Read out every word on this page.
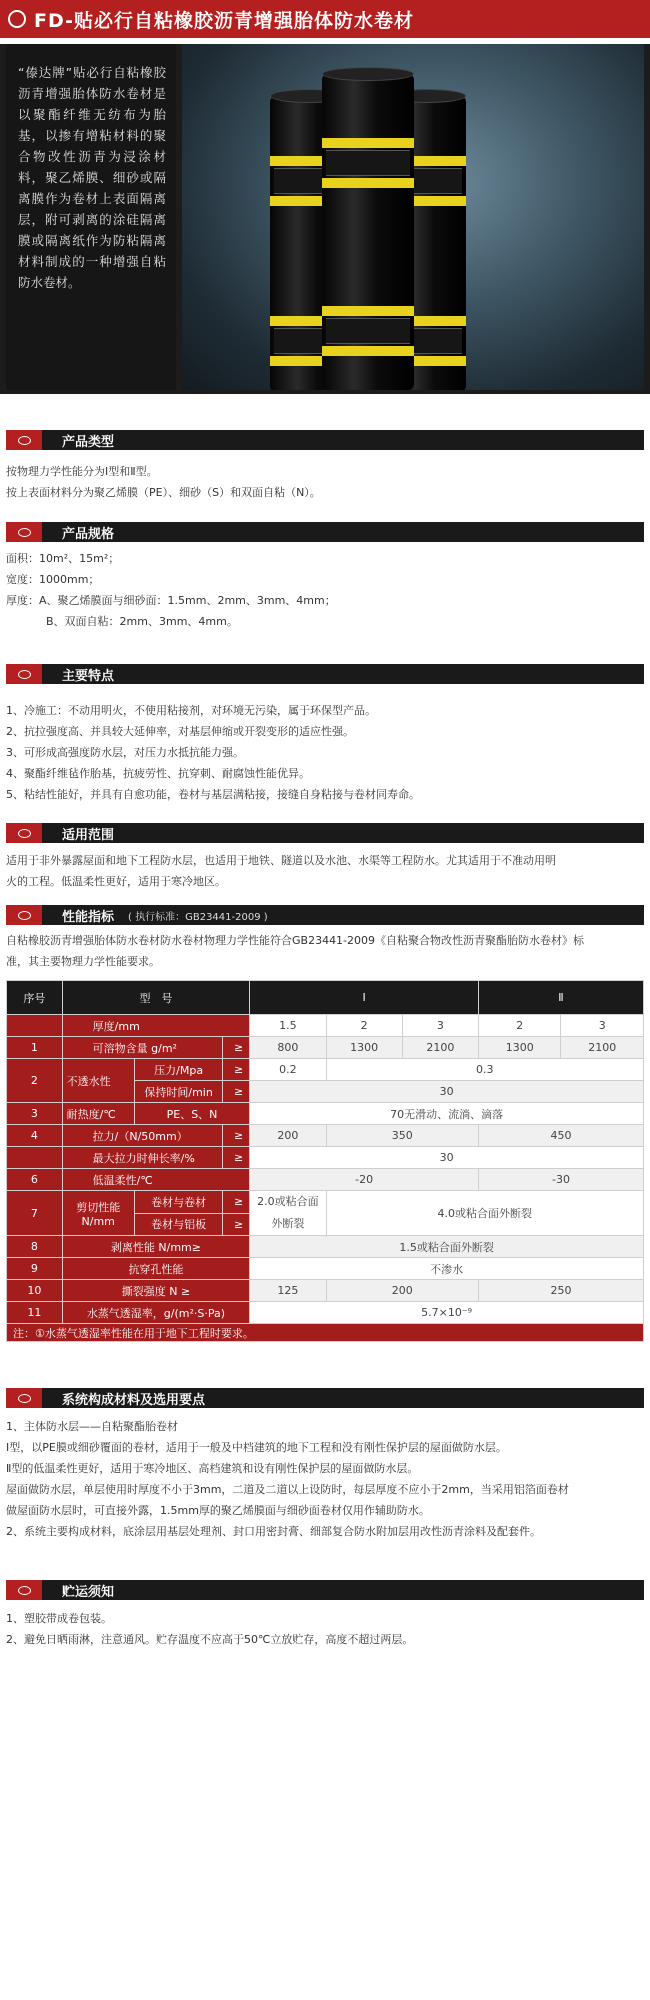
FD-贴必行自粘橡胶沥青增强胎体防水卷材
“傣达牌”贴必行自粘橡胶沥青增强胎体防水卷材是以聚酯纤维无纺布为胎基，以掺有增粘材料的聚合物改性沥青为浸涂材料，聚乙烯膜、细砂或隔离膜作为卷材上表面隔离层，附可剥离的涂硅隔离膜或隔离纸作为防粘隔离材料制成的一种增强自粘防水卷材。
产品类型
按物理力学性能分为Ⅰ型和Ⅱ型。
按上表面材料分为聚乙烯膜（PE）、细砂（S）和双面自粘（N）。
产品规格
面积：10m²、15m²；
宽度：1000mm；
厚度：A、聚乙烯膜面与细砂面：1.5mm、2mm、3mm、4mm；
B、双面自粘：2mm、3mm、4mm。
主要特点
1、冷施工：不动用明火，不使用粘接剂，对环境无污染，属于环保型产品。
2、抗拉强度高、并具较大延伸率，对基层伸缩或开裂变形的适应性强。
3、可形成高强度防水层，对压力水抵抗能力强。
4、聚酯纤维毡作胎基，抗疲劳性、抗穿刺、耐腐蚀性能优异。
5、粘结性能好，并具有自愈功能，卷材与基层满粘接，接缝自身粘接与卷材同寿命。
适用范围
适用于非外暴露屋面和地下工程防水层，也适用于地铁、隧道以及水池、水渠等工程防水。尤其适用于不准动用明
火的工程。低温柔性更好，适用于寒冷地区。
性能指标 ( 执行标准：GB23441-2009 )
自粘橡胶沥青增强胎体防水卷材防水卷材物理力学性能符合GB23441-2009《自粘聚合物改性沥青聚酯胎防水卷材》标
准，其主要物理力学性能要求。
序号	型　号			Ⅰ			Ⅱ	
	厚度/mm			1.5	2	3	2	3
1	可溶物含量 g/m²		≥	800	1300	2100	1300	2100
2	不透水性	压力/Mpa	≥	0.2	0.3			
		保持时间/min	≥	30				
3	耐热度/℃	PE、S、N		70无滑动、流淌、滴落				
4	拉力/（N/50mm）		≥	200	350		450	
	最大拉力时伸长率/%		≥	30				
6	低温柔性/℃			-20			-30	
7	剪切性能 N/mm	卷材与卷材	≥	2.0或粘合面外断裂	4.0或粘合面外断裂			
		卷材与铝板	≥					
8	剥离性能 N/mm≥			1.5或粘合面外断裂				
9	抗穿孔性能			不渗水				
10	撕裂强度 N ≥			125	200		250	
11	水蒸气透湿率，g/(m²·S·Pa)			5.7×10⁻⁹				
注：①水蒸气透湿率性能在用于地下工程时要求。								
系统构成材料及选用要点
1、主体防水层——自粘聚酯胎卷材
Ⅰ型，以PE膜或细砂覆面的卷材，适用于一般及中档建筑的地下工程和没有刚性保护层的屋面做防水层。
Ⅱ型的低温柔性更好，适用于寒冷地区、高档建筑和设有刚性保护层的屋面做防水层。
屋面做防水层，单层使用时厚度不小于3mm，二道及二道以上设防时，每层厚度不应小于2mm，当采用铝箔面卷材
做屋面防水层时，可直接外露，1.5mm厚的聚乙烯膜面与细砂面卷材仅用作辅助防水。
2、系统主要构成材料，底涂层用基层处理剂、封口用密封膏、细部复合防水附加层用改性沥青涂料及配套件。
贮运须知
1、塑胶带成卷包装。
2、避免日晒雨淋，注意通风。贮存温度不应高于50℃立放贮存，高度不超过两层。
